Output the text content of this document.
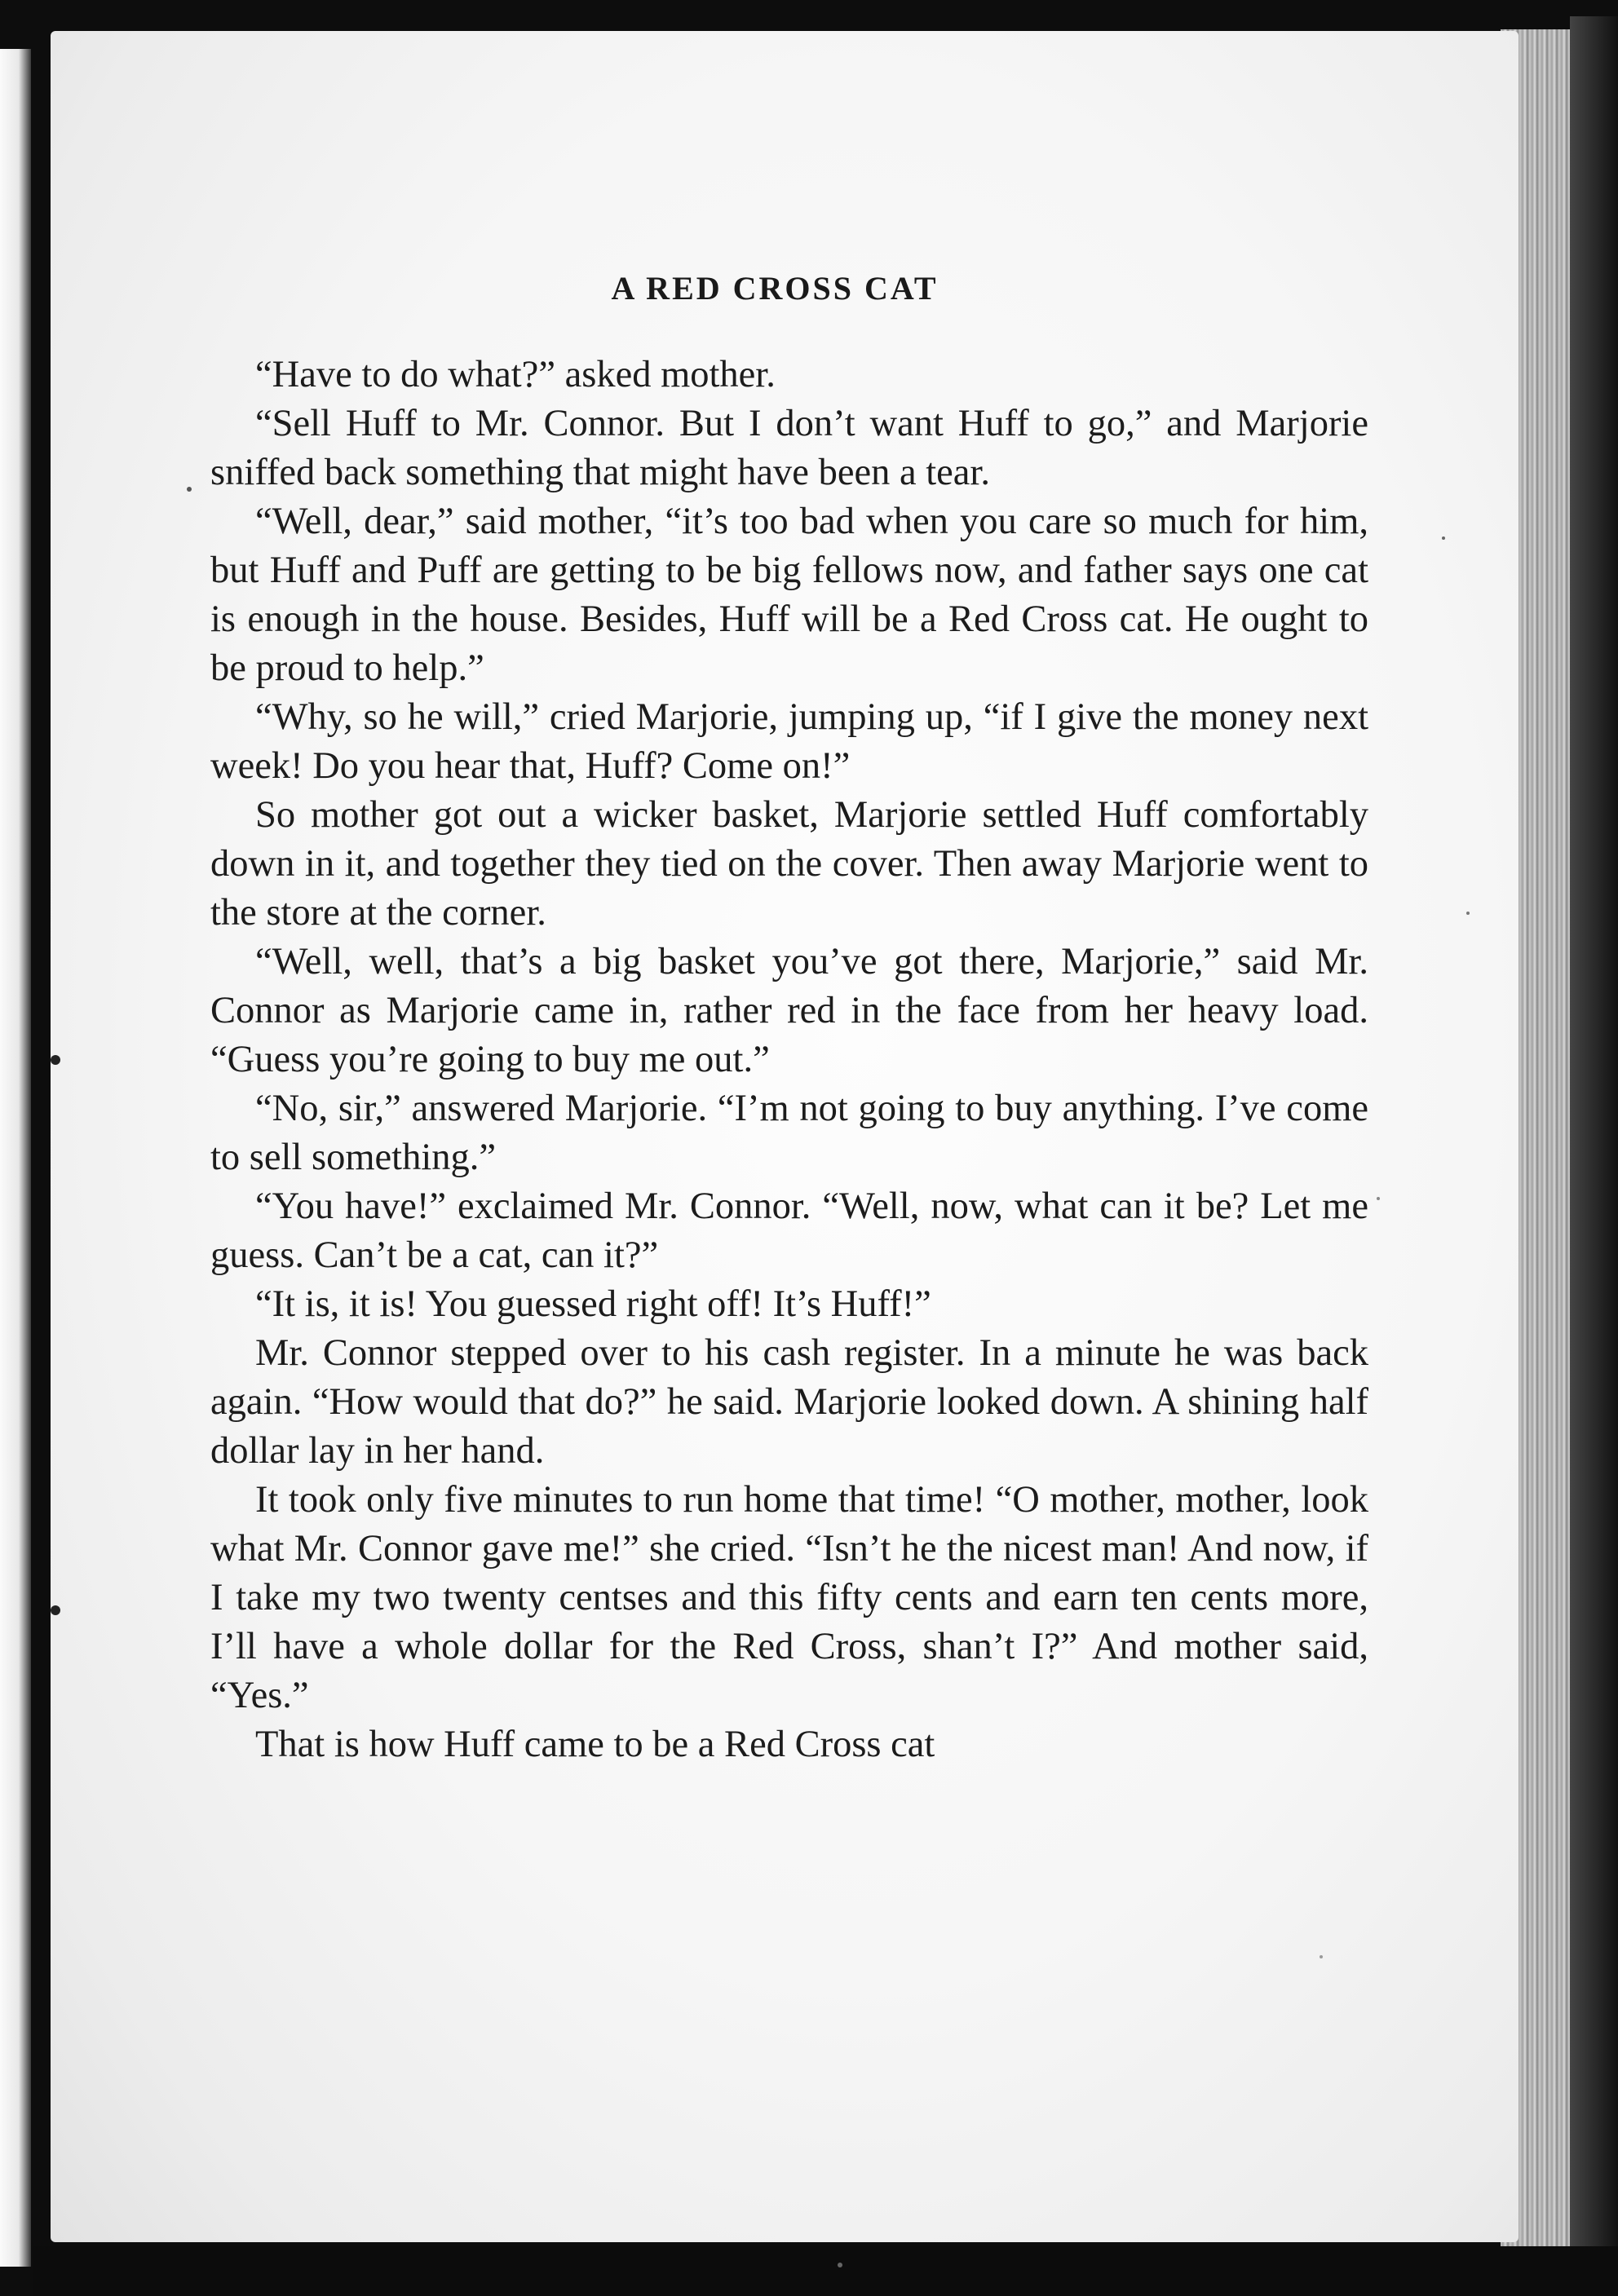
A RED CROSS CAT

“Have to do what?” asked mother.

“Sell Huff to Mr. Connor. But I don’t want Huff to go,” and Marjorie sniffed back something that might have been a tear.

“Well, dear,” said mother, “it’s too bad when you care so much for him, but Huff and Puff are getting to be big fellows now, and father says one cat is enough in the house. Besides, Huff will be a Red Cross cat. He ought to be proud to help.”

“Why, so he will,” cried Marjorie, jumping up, “if I give the money next week! Do you hear that, Huff? Come on!”

So mother got out a wicker basket, Marjorie settled Huff comfortably down in it, and together they tied on the cover. Then away Marjorie went to the store at the corner.

“Well, well, that’s a big basket you’ve got there, Marjorie,” said Mr. Connor as Marjorie came in, rather red in the face from her heavy load. “Guess you’re going to buy me out.”

“No, sir,” answered Marjorie. “I’m not going to buy anything. I’ve come to sell something.”

“You have!” exclaimed Mr. Connor. “Well, now, what can it be? Let me guess. Can’t be a cat, can it?”

“It is, it is! You guessed right off! It’s Huff!”

Mr. Connor stepped over to his cash register. In a minute he was back again. “How would that do?” he said. Marjorie looked down. A shining half dollar lay in her hand.

It took only five minutes to run home that time! “O mother, mother, look what Mr. Connor gave me!” she cried. “Isn’t he the nicest man! And now, if I take my two twenty centses and this fifty cents and earn ten cents more, I’ll have a whole dollar for the Red Cross, shan’t I?” And mother said, “Yes.”

That is how Huff came to be a Red Cross cat
